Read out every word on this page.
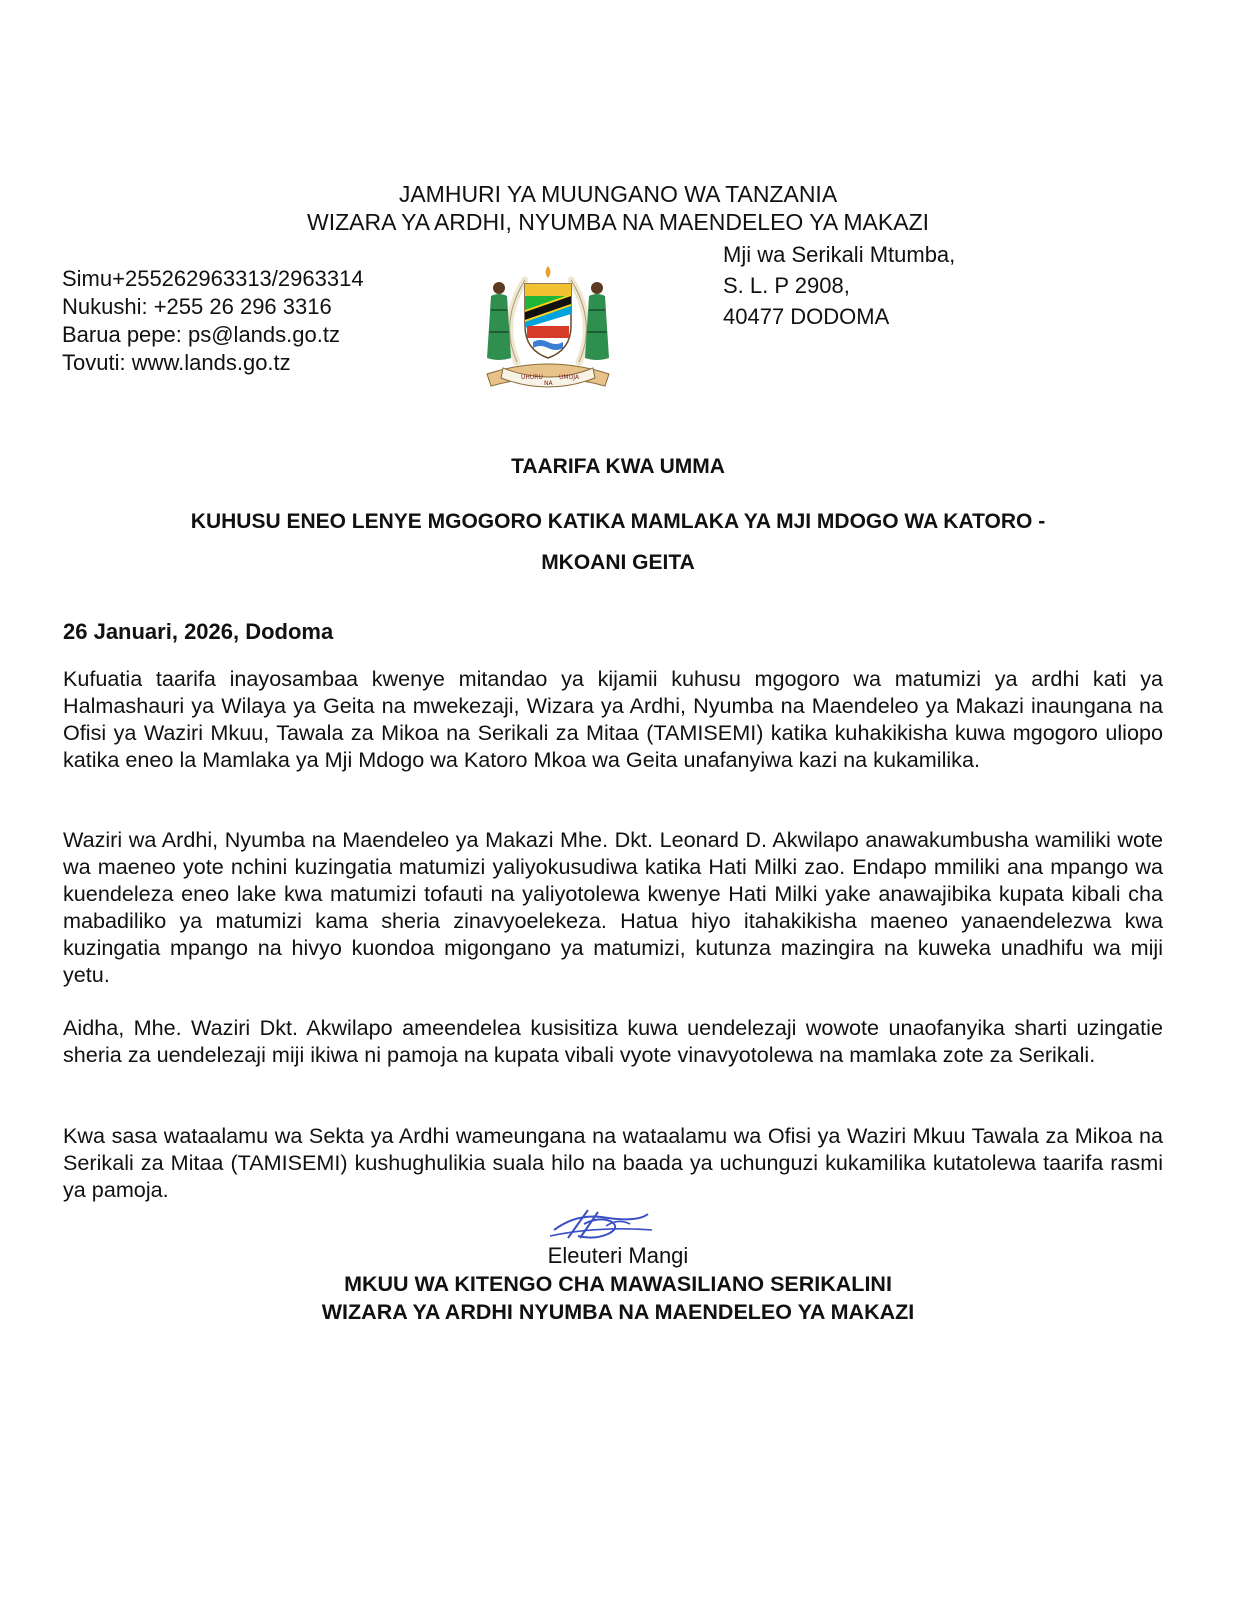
JAMHURI YA MUUNGANO WA TANZANIA

WIZARA YA ARDHI, NYUMBA NA MAENDELEO YA MAKAZI

Simu+255262963313/2963314
Nukushi: +255 26 296 3316
Barua pepe: ps@lands.go.tz
Tovuti: www.lands.go.tz
Mji wa Serikali Mtumba,
S. L. P 2908,
40477 DODOMA
UHURU
NA
UMOJA

TAARIFA KWA UMMA

KUHUSU ENEO LENYE MGOGORO KATIKA MAMLAKA YA MJI MDOGO WA KATORO -

MKOANI GEITA

26 Januari, 2026, Dodoma

Kufuatia taarifa inayosambaa kwenye mitandao ya kijamii kuhusu mgogoro wa matumizi ya ardhi kati ya Halmashauri ya Wilaya ya Geita na mwekezaji, Wizara ya Ardhi, Nyumba na Maendeleo ya Makazi inaungana na Ofisi ya Waziri Mkuu, Tawala za Mikoa na Serikali za Mitaa (TAMISEMI) katika kuhakikisha kuwa mgogoro uliopo katika eneo la Mamlaka ya Mji Mdogo wa Katoro Mkoa wa Geita unafanyiwa kazi na kukamilika.

Waziri wa Ardhi, Nyumba na Maendeleo ya Makazi Mhe. Dkt. Leonard D. Akwilapo anawakumbusha wamiliki wote wa maeneo yote nchini kuzingatia matumizi yaliyokusudiwa katika Hati Milki zao. Endapo mmiliki ana mpango wa kuendeleza eneo lake kwa matumizi tofauti na yaliyotolewa kwenye Hati Milki yake anawajibika kupata kibali cha mabadiliko ya matumizi kama sheria zinavyoelekeza. Hatua hiyo itahakikisha maeneo yanaendelezwa kwa kuzingatia mpango na hivyo kuondoa migongano ya matumizi, kutunza mazingira na kuweka unadhifu wa miji yetu.

Aidha, Mhe. Waziri Dkt. Akwilapo ameendelea kusisitiza kuwa uendelezaji wowote unaofanyika sharti uzingatie sheria za uendelezaji miji ikiwa ni pamoja na kupata vibali vyote vinavyotolewa na mamlaka zote za Serikali.

Kwa sasa wataalamu wa Sekta ya Ardhi wameungana na wataalamu wa Ofisi ya Waziri Mkuu Tawala za Mikoa na Serikali za Mitaa (TAMISEMI) kushughulikia suala hilo na baada ya uchunguzi kukamilika kutatolewa taarifa rasmi ya pamoja.

Eleuteri Mangi

MKUU WA KITENGO CHA MAWASILIANO SERIKALINI

WIZARA YA ARDHI NYUMBA NA MAENDELEO YA MAKAZI
